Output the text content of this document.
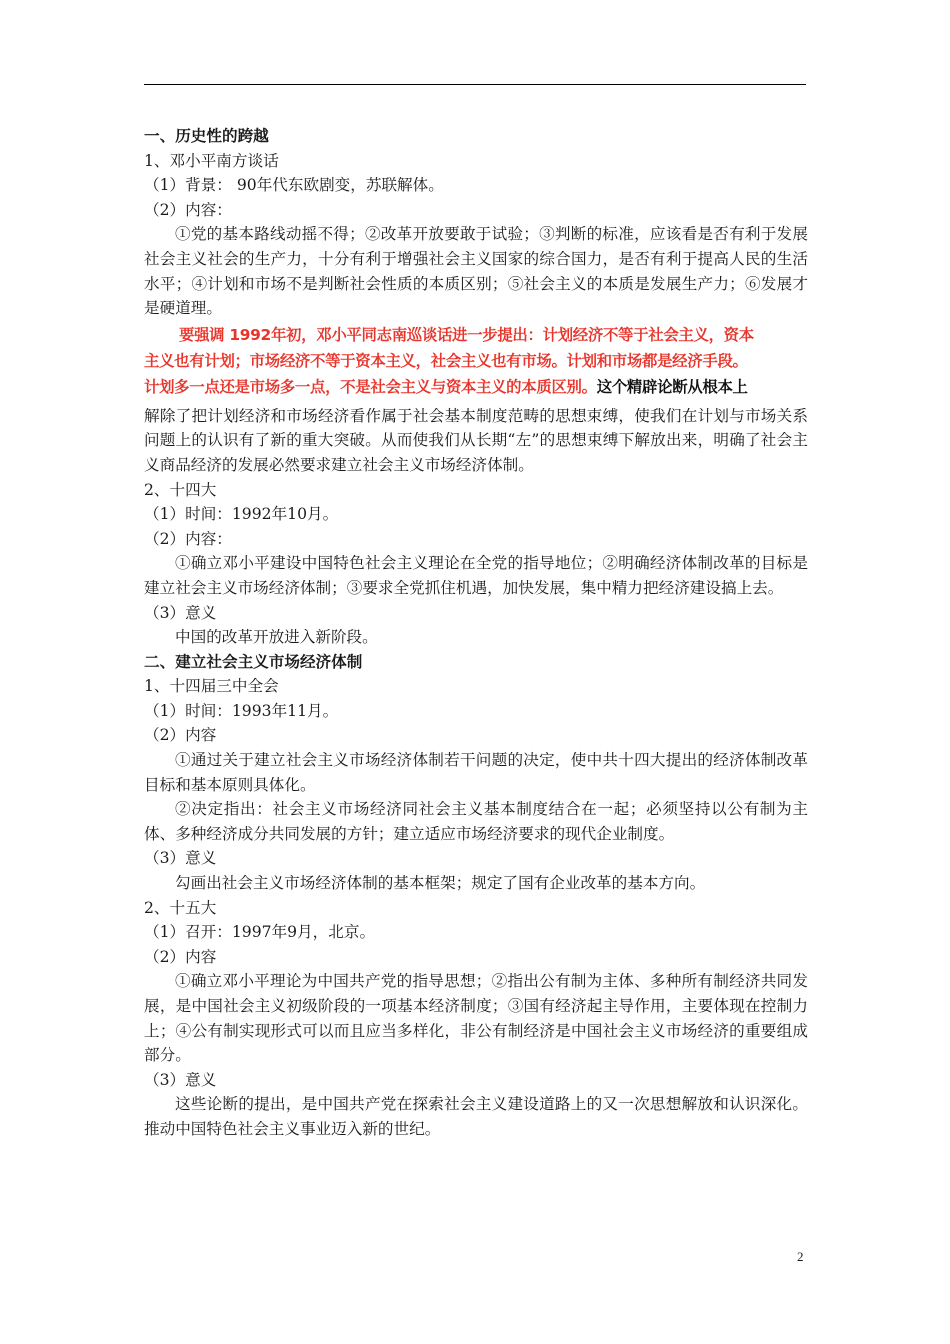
一、历史性的跨越
1、邓小平南方谈话
（1）背景： 90年代东欧剧变，苏联解体。
（2）内容：
①党的基本路线动摇不得；②改革开放要敢于试验；③判断的标准，应该看是否有利于发展社会主义社会的生产力，十分有利于增强社会主义国家的综合国力，是否有利于提高人民的生活水平；④计划和市场不是判断社会性质的本质区别；⑤社会主义的本质是发展生产力；⑥发展才是硬道理。
要强调 1992年初，邓小平同志南巡谈话进一步提出：计划经济不等于社会主义，资本
主义也有计划；市场经济不等于资本主义，社会主义也有市场。计划和市场都是经济手段。
计划多一点还是市场多一点，不是社会主义与资本主义的本质区别。这个精辟论断从根本上
解除了把计划经济和市场经济看作属于社会基本制度范畴的思想束缚，使我们在计划与市场关系问题上的认识有了新的重大突破。从而使我们从长期“左”的思想束缚下解放出来，明确了社会主义商品经济的发展必然要求建立社会主义市场经济体制。
2、十四大
（1）时间：1992年10月。
（2）内容：
①确立邓小平建设中国特色社会主义理论在全党的指导地位；②明确经济体制改革的目标是建立社会主义市场经济体制；③要求全党抓住机遇，加快发展，集中精力把经济建设搞上去。
（3）意义
中国的改革开放进入新阶段。
二、建立社会主义市场经济体制
1、十四届三中全会
（1）时间：1993年11月。
（2）内容
①通过关于建立社会主义市场经济体制若干问题的决定，使中共十四大提出的经济体制改革目标和基本原则具体化。
②决定指出：社会主义市场经济同社会主义基本制度结合在一起；必须坚持以公有制为主体、多种经济成分共同发展的方针；建立适应市场经济要求的现代企业制度。
（3）意义
勾画出社会主义市场经济体制的基本框架；规定了国有企业改革的基本方向。
2、十五大
（1）召开：1997年9月，北京。
（2）内容
①确立邓小平理论为中国共产党的指导思想；②指出公有制为主体、多种所有制经济共同发展，是中国社会主义初级阶段的一项基本经济制度；③国有经济起主导作用，主要体现在控制力上；④公有制实现形式可以而且应当多样化，非公有制经济是中国社会主义市场经济的重要组成部分。
（3）意义
这些论断的提出，是中国共产党在探索社会主义建设道路上的又一次思想解放和认识深化。推动中国特色社会主义事业迈入新的世纪。
2
